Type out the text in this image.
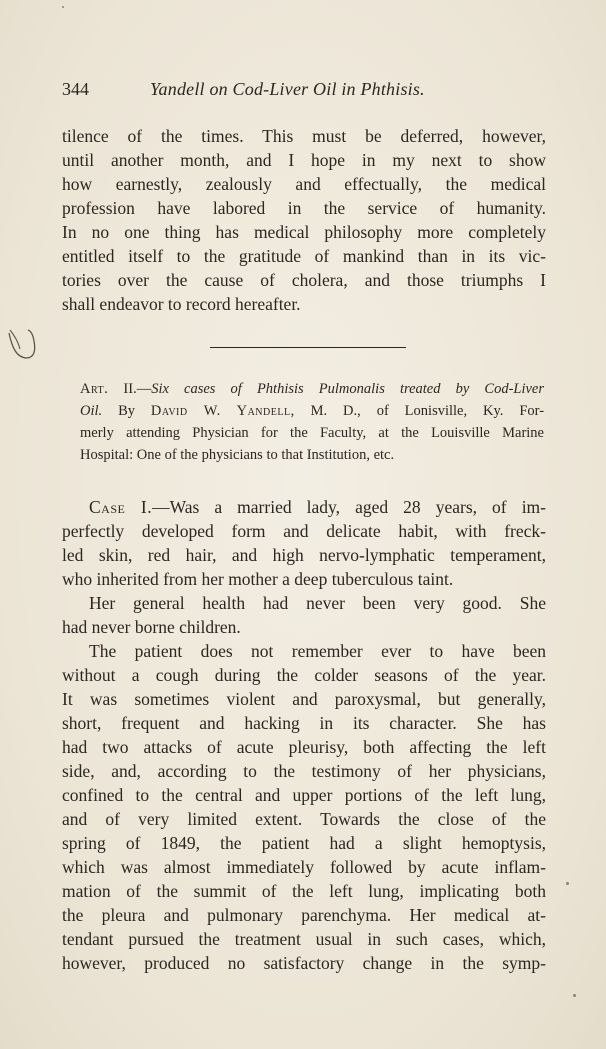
344	Yandell on Cod-Liver Oil in Phthisis.
tilence of the times. This must be deferred, however,
until another month, and I hope in my next to show
how earnestly, zealously and effectually, the medical
profession have labored in the service of humanity.
In no one thing has medical philosophy more completely
entitled itself to the gratitude of mankind than in its vic-
tories over the cause of cholera, and those triumphs I
shall endeavor to record hereafter.
Art. II.—Six cases of Phthisis Pulmonalis treated by Cod-Liver
Oil. By David W. Yandell, M. D., of Lonisville, Ky. For-
merly attending Physician for the Faculty, at the Louisville Marine
Hospital: One of the physicians to that Institution, etc.
Case I.—Was a married lady, aged 28 years, of im-
perfectly developed form and delicate habit, with freck-
led skin, red hair, and high nervo-lymphatic temperament,
who inherited from her mother a deep tuberculous taint.
Her general health had never been very good. She
had never borne children.
The patient does not remember ever to have been
without a cough during the colder seasons of the year.
It was sometimes violent and paroxysmal, but generally,
short, frequent and hacking in its character. She has
had two attacks of acute pleurisy, both affecting the left
side, and, according to the testimony of her physicians,
confined to the central and upper portions of the left lung,
and of very limited extent. Towards the close of the
spring of 1849, the patient had a slight hemoptysis,
which was almost immediately followed by acute inflam-
mation of the summit of the left lung, implicating both
the pleura and pulmonary parenchyma. Her medical at-
tendant pursued the treatment usual in such cases, which,
however, produced no satisfactory change in the symp-
